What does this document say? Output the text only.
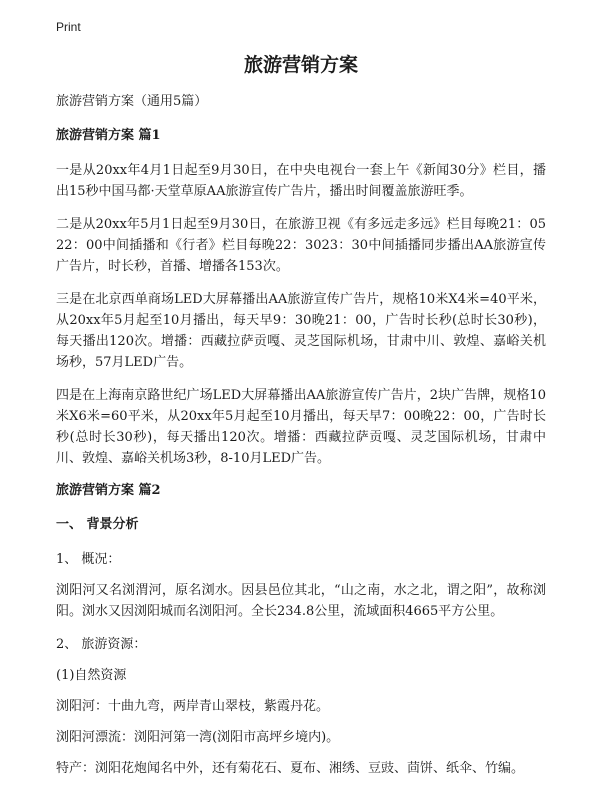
Print
旅游营销方案
旅游营销方案（通用5篇）
旅游营销方案 篇1

一是从20xx年4月1日起至9月30日，在中央电视台一套上午《新闻30分》栏目，播出15秒中国马都·天堂草原AA旅游宣传广告片，播出时间覆盖旅游旺季。

二是从20xx年5月1日起至9月30日，在旅游卫视《有多远走多远》栏目每晚21：0522：00中间插播和《行者》栏目每晚22：3023：30中间插播同步播出AA旅游宣传广告片，时长秒，首播、增播各153次。

三是在北京西单商场LED大屏幕播出AA旅游宣传广告片，规格10米X4米=40平米，从20xx年5月起至10月播出，每天早9：30晚21：00，广告时长秒(总时长30秒)，每天播出120次。增播：西藏拉萨贡嘎、灵芝国际机场，甘肃中川、敦煌、嘉峪关机场秒，57月LED广告。

四是在上海南京路世纪广场LED大屏幕播出AA旅游宣传广告片，2块广告牌，规格10米X6米=60平米，从20xx年5月起至10月播出，每天早7：00晚22：00，广告时长秒(总时长30秒)，每天播出120次。增播：西藏拉萨贡嘎、灵芝国际机场，甘肃中川、敦煌、嘉峪关机场3秒，8-10月LED广告。

旅游营销方案 篇2
一、 背景分析

1、 概况：

浏阳河又名浏渭河，原名浏水。因县邑位其北，“山之南，水之北，谓之阳”，故称浏阳。浏水又因浏阳城而名浏阳河。全长234.8公里，流域面积4665平方公里。

2、 旅游资源：

(1)自然资源

浏阳河：十曲九弯，两岸青山翠枝，紫霞丹花。

浏阳河漂流：浏阳河第一湾(浏阳市高坪乡境内)。

特产：浏阳花炮闻名中外，还有菊花石、夏布、湘绣、豆豉、茴饼、纸伞、竹编。
